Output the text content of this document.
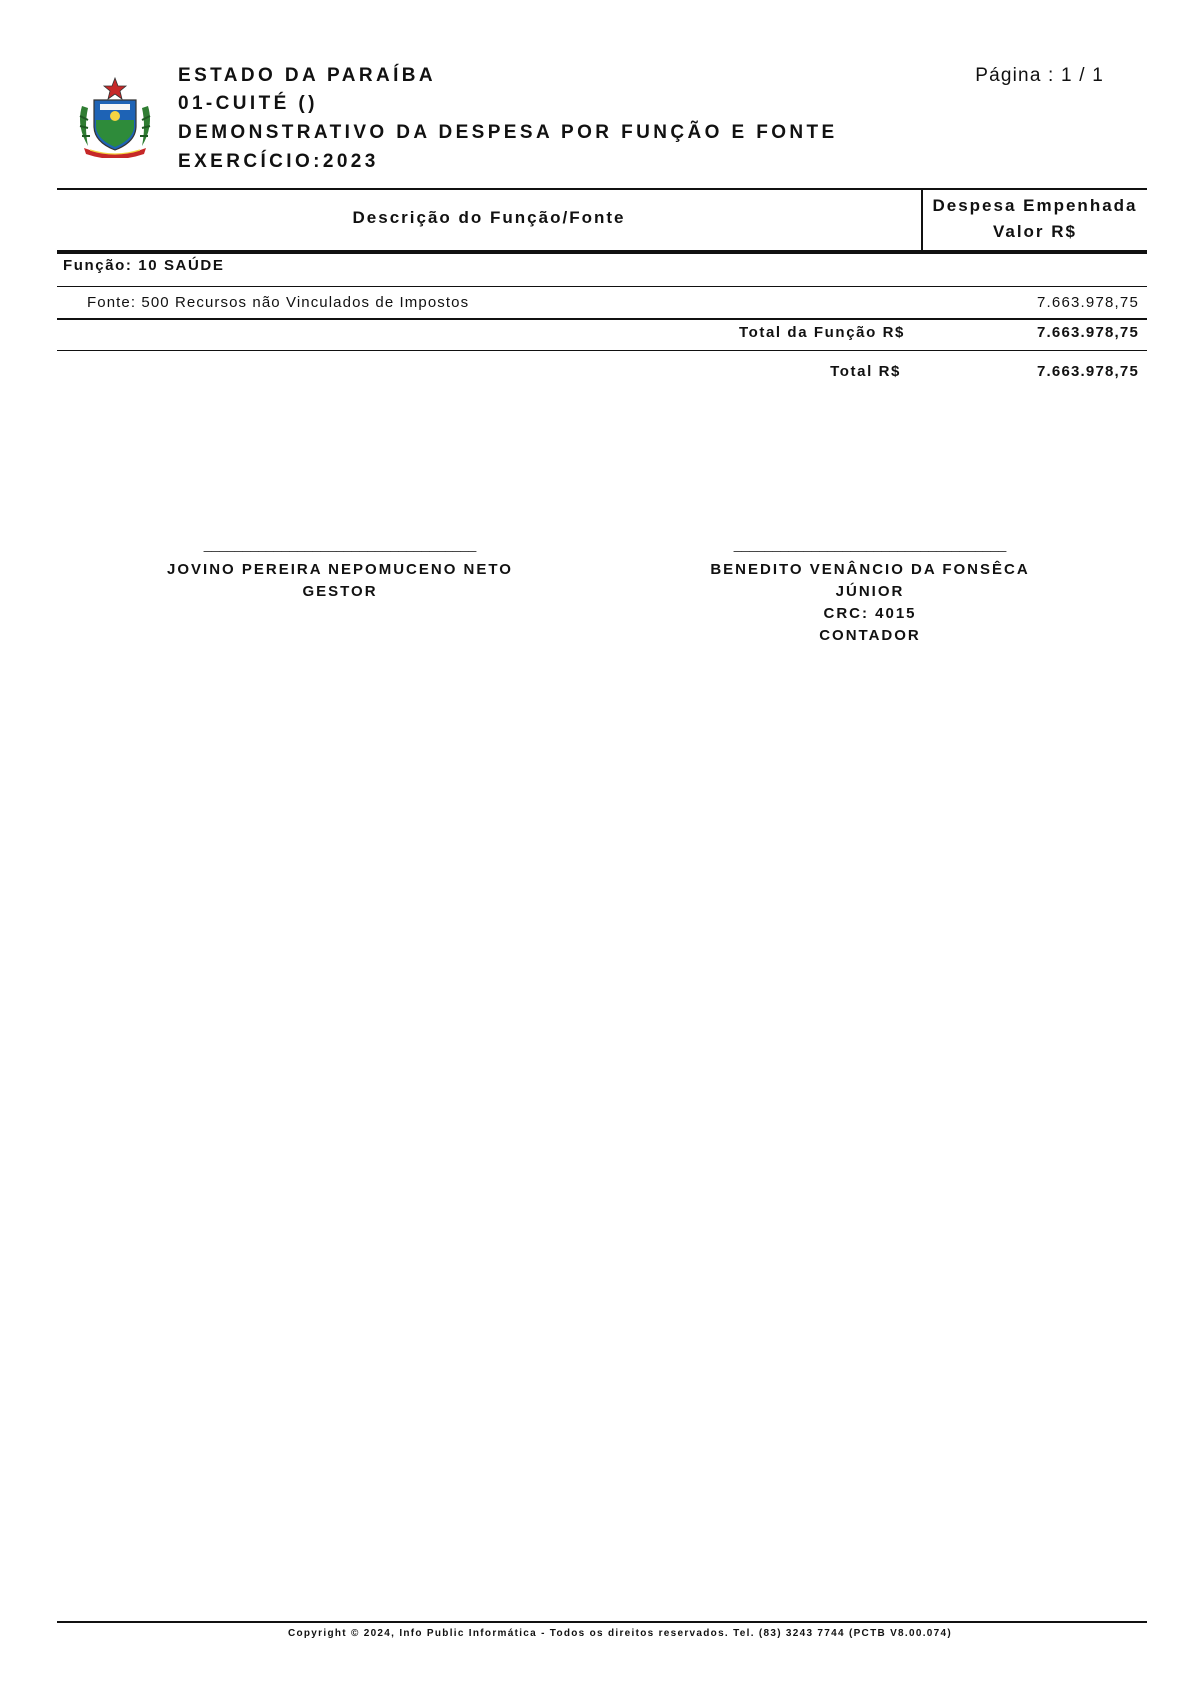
ESTADO DA PARAÍBA
01-CUITÉ ()
DEMONSTRATIVO DA DESPESA POR FUNÇÃO E FONTE
EXERCÍCIO:2023
Página : 1 / 1
Descrição do Função/Fonte
Despesa Empenhada
Valor R$
Função: 10 SAÚDE
Fonte: 500 Recursos não Vinculados de Impostos	7.663.978,75
Total da Função R$	7.663.978,75
Total R$	7.663.978,75
___________________________________
JOVINO PEREIRA NEPOMUCENO NETO
GESTOR
___________________________________
BENEDITO VENÂNCIO DA FONSÊCA JÚNIOR
CRC: 4015
CONTADOR
Copyright © 2024, Info Public Informática - Todos os direitos reservados. Tel. (83) 3243 7744 (PCTB V8.00.074)
